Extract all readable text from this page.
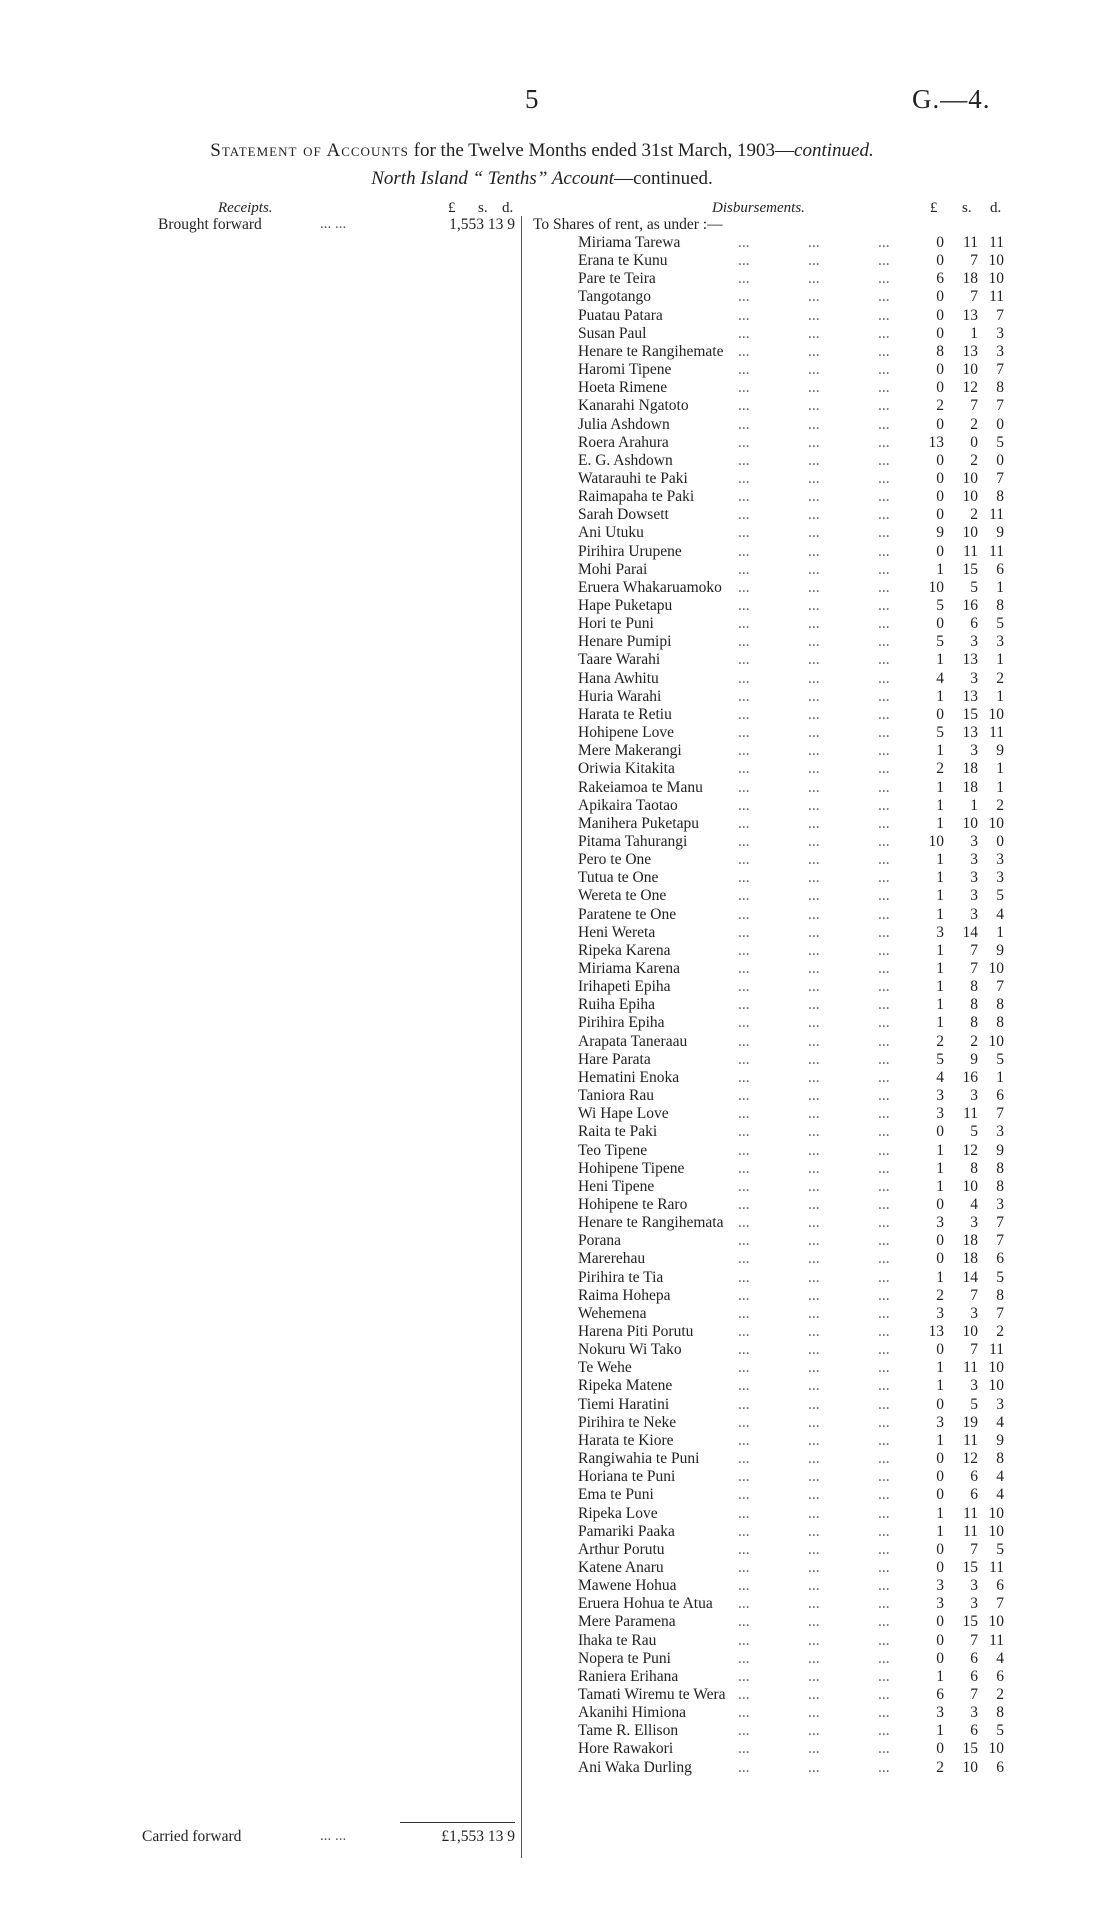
5	G.—4.
Statement of Accounts for the Twelve Months ended 31st March, 1903—continued.
North Island “ Tenths” Account—continued.
Receipts.	£ s. d.	Disbursements.	£ s. d.
Brought forward	... ...	1,553 13 9
Carried forward	... ...	£1,553 13 9
To Shares of rent, as under :—
Miriama Tarewa	...	...	...	0	11 11
Erana te Kunu	...	...	...	0	7 10
Pare te Teira	...	...	...	6	18 10
Tangotango	...	...	...	0	7 11
Puatau Patara	...	...	...	0	13	7
Susan Paul	...	...	...	0	1	3
Henare te Rangihemate ...	...	...	8	13	3
Haromi Tipene	...	...	...	0	10	7
Hoeta Rimene	...	...	...	0	12	8
Kanarahi Ngatoto	...	...	...	2	7	7
Julia Ashdown	...	...	...	0	2	0
Roera Arahura	...	...	...	13	0	5
E. G. Ashdown	...	...	...	0	2	0
Watarauhi te Paki	...	...	...	0	10	7
Raimapaha te Paki	...	...	...	0	10	8
Sarah Dowsett	...	...	...	0	2 11
Ani Utuku	...	...	...	9	10	9
Pirihira Urupene	...	...	...	0	11 11
Mohi Parai	...	...	...	1	15	6
Eruera Whakaruamoko ...	...	...	10	5	1
Hape Puketapu	...	...	...	5	16	8
Hori te Puni	...	...	...	0	6	5
Henare Pumipi	...	...	...	5	3	3
Taare Warahi	...	...	...	1	13	1
Hana Awhitu	...	...	...	4	3	2
Huria Warahi	...	...	...	1	13	1
Harata te Retiu	...	...	...	0	15 10
Hohipene Love	...	...	...	5	13 11
Mere Makerangi	...	...	...	1	3	9
Oriwia Kitakita	...	...	...	2	18	1
Rakeiamoa te Manu ...	...	...	1	18	1
Apikaira Taotao	...	...	...	1	1	2
Manihera Puketapu	...	...	...	1	10 10
Pitama Tahurangi	...	...	...	10	3	0
Pero te One	...	...	...	1	3	3
Tutua te One	...	...	...	1	3	3
Wereta te One	...	...	...	1	3	5
Paratene te One	...	...	...	1	3	4
Heni Wereta	...	...	...	3	14	1
Ripeka Karena	...	...	...	1	7	9
Miriama Karena	...	...	...	1	7 10
Irihapeti Epiha	...	...	...	1	8	7
Ruiha Epiha	...	...	...	1	8	8
Pirihira Epiha	...	...	...	1	8	8
Arapata Taneraau	...	...	...	2	2 10
Hare Parata	...	...	...	5	9	5
Hematini Enoka	...	...	...	4	16	1
Taniora Rau	...	...	...	3	3	6
Wi Hape Love	...	...	...	3	11	7
Raita te Paki	...	...	...	0	5	3
Teo Tipene	...	...	...	1	12	9
Hohipene Tipene	...	...	...	1	8	8
Heni Tipene	...	...	...	1	10	8
Hohipene te Raro	...	...	...	0	4	3
Henare te Rangihemata ...	...	...	3	3	7
Porana	...	...	...	0	18	7
Marerehau	...	...	...	0	18	6
Pirihira te Tia	...	...	...	1	14	5
Raima Hohepa	...	...	...	2	7	8
Wehemena	...	...	...	3	3	7
Harena Piti Porutu	...	...	...	13	10	2
Nokuru Wi Tako	...	...	...	0	7 11
Te Wehe	...	...	...	1	11 10
Ripeka Matene	...	...	...	1	3 10
Tiemi Haratini	...	...	...	0	5	3
Pirihira te Neke	...	...	...	3	19	4
Harata te Kiore	...	...	...	1	11	9
Rangiwahia te Puni ...	...	...	0	12	8
Horiana te Puni	...	...	...	0	6	4
Ema te Puni	...	...	...	0	6	4
Ripeka Love	...	...	...	1	11 10
Pamariki Paaka	...	...	...	1	11 10
Arthur Porutu	...	...	...	0	7	5
Katene Anaru	...	...	...	0	15 11
Mawene Hohua	...	...	...	3	3	6
Eruera Hohua te Atua ...	...	...	3	3	7
Mere Paramena	...	...	...	0	15 10
Ihaka te Rau	...	...	...	0	7 11
Nopera te Puni	...	...	...	0	6	4
Raniera Erihana	...	...	...	1	6	6
Tamati Wiremu te Wera ...	...	...	6	7	2
Akanihi Himiona	...	...	...	3	3	8
Tame R. Ellison	...	...	...	1	6	5
Hore Rawakori	...	...	...	0	15 10
Ani Waka Durling	...	...	...	2	10	6
